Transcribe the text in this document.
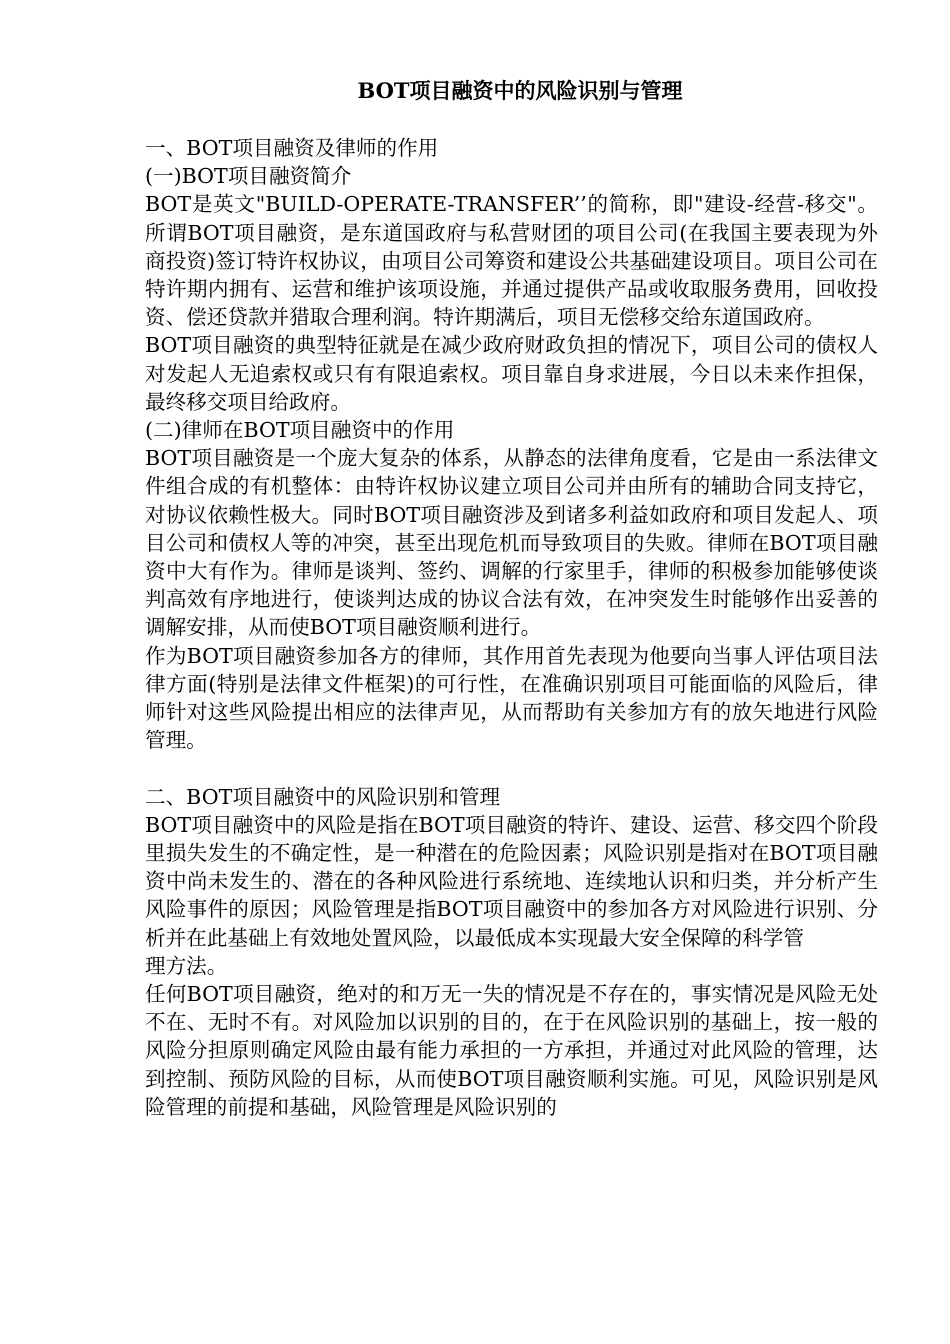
BOT项目融资中的风险识别与管理

一、BOT项目融资及律师的作用

(一)BOT项目融资简介

BOT是英文"BUILD-OPERATE-TRANSFER’’的简称，即"建设-经营-移交"。所谓BOT项目融资，是东道国政府与私营财团的项目公司(在我国主要表现为外商投资)签订特许权协议，由项目公司筹资和建设公共基础建设项目。项目公司在特许期内拥有、运营和维护该项设施，并通过提供产品或收取服务费用，回收投资、偿还贷款并猎取合理利润。特许期满后，项目无偿移交给东道国政府。

BOT项目融资的典型特征就是在减少政府财政负担的情况下，项目公司的债权人对发起人无追索权或只有有限追索权。项目靠自身求进展，今日以未来作担保，最终移交项目给政府。

(二)律师在BOT项目融资中的作用

BOT项目融资是一个庞大复杂的体系，从静态的法律角度看，它是由一系法律文件组合成的有机整体：由特许权协议建立项目公司并由所有的辅助合同支持它，对协议依赖性极大。同时BOT项目融资涉及到诸多利益如政府和项目发起人、项目公司和债权人等的冲突，甚至出现危机而导致项目的失败。律师在BOT项目融资中大有作为。律师是谈判、签约、调解的行家里手，律师的积极参加能够使谈判高效有序地进行，使谈判达成的协议合法有效，在冲突发生时能够作出妥善的调解安排，从而使BOT项目融资顺利进行。

作为BOT项目融资参加各方的律师，其作用首先表现为他要向当事人评估项目法律方面(特别是法律文件框架)的可行性，在准确识别项目可能面临的风险后，律师针对这些风险提出相应的法律声见，从而帮助有关参加方有的放矢地进行风险管理。

二、BOT项目融资中的风险识别和管理

BOT项目融资中的风险是指在BOT项目融资的特许、建设、运营、移交四个阶段里损失发生的不确定性，是一种潜在的危险因素；风险识别是指对在BOT项目融资中尚未发生的、潜在的各种风险进行系统地、连续地认识和归类，并分析产生风险事件的原因；风险管理是指BOT项目融资中的参加各方对风险进行识别、分析并在此基础上有效地处置风险，以最低成本实现最大安全保障的科学管

理方法。

任何BOT项目融资，绝对的和万无一失的情况是不存在的，事实情况是风险无处不在、无时不有。对风险加以识别的目的，在于在风险识别的基础上，按一般的风险分担原则确定风险由最有能力承担的一方承担，并通过对此风险的管理，达到控制、预防风险的目标，从而使BOT项目融资顺利实施。可见，风险识别是风险管理的前提和基础，风险管理是风险识别的
